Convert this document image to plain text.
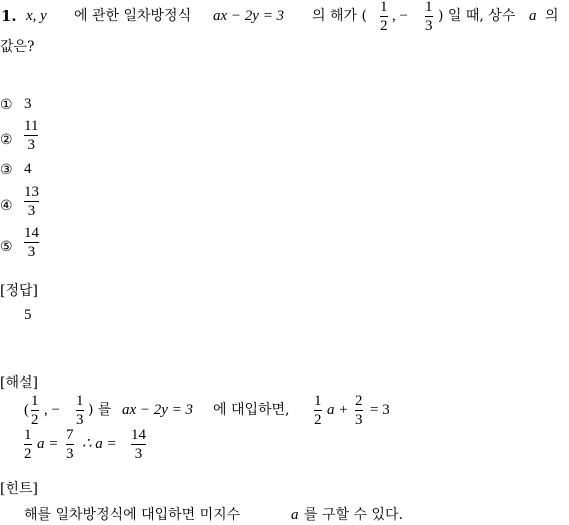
1. x, y 에 관한 일차방정식 ax − 2y = 3 의 해가 (
1
2
, −
1
3
) 일 때, 상수 a 의
값은?
① 3
②
11
3
③ 4
④
13
3
⑤
14
3
[정답]
5
[해설]
(
1
2
, −
1
3
) 를 ax − 2y = 3 에 대입하면,
1
2
a +
2
3
= 3
1
2
a =
7
3
∴ a =
14
3
[힌트]
해를 일차방정식에 대입하면 미지수	a 를 구할 수 있다.
